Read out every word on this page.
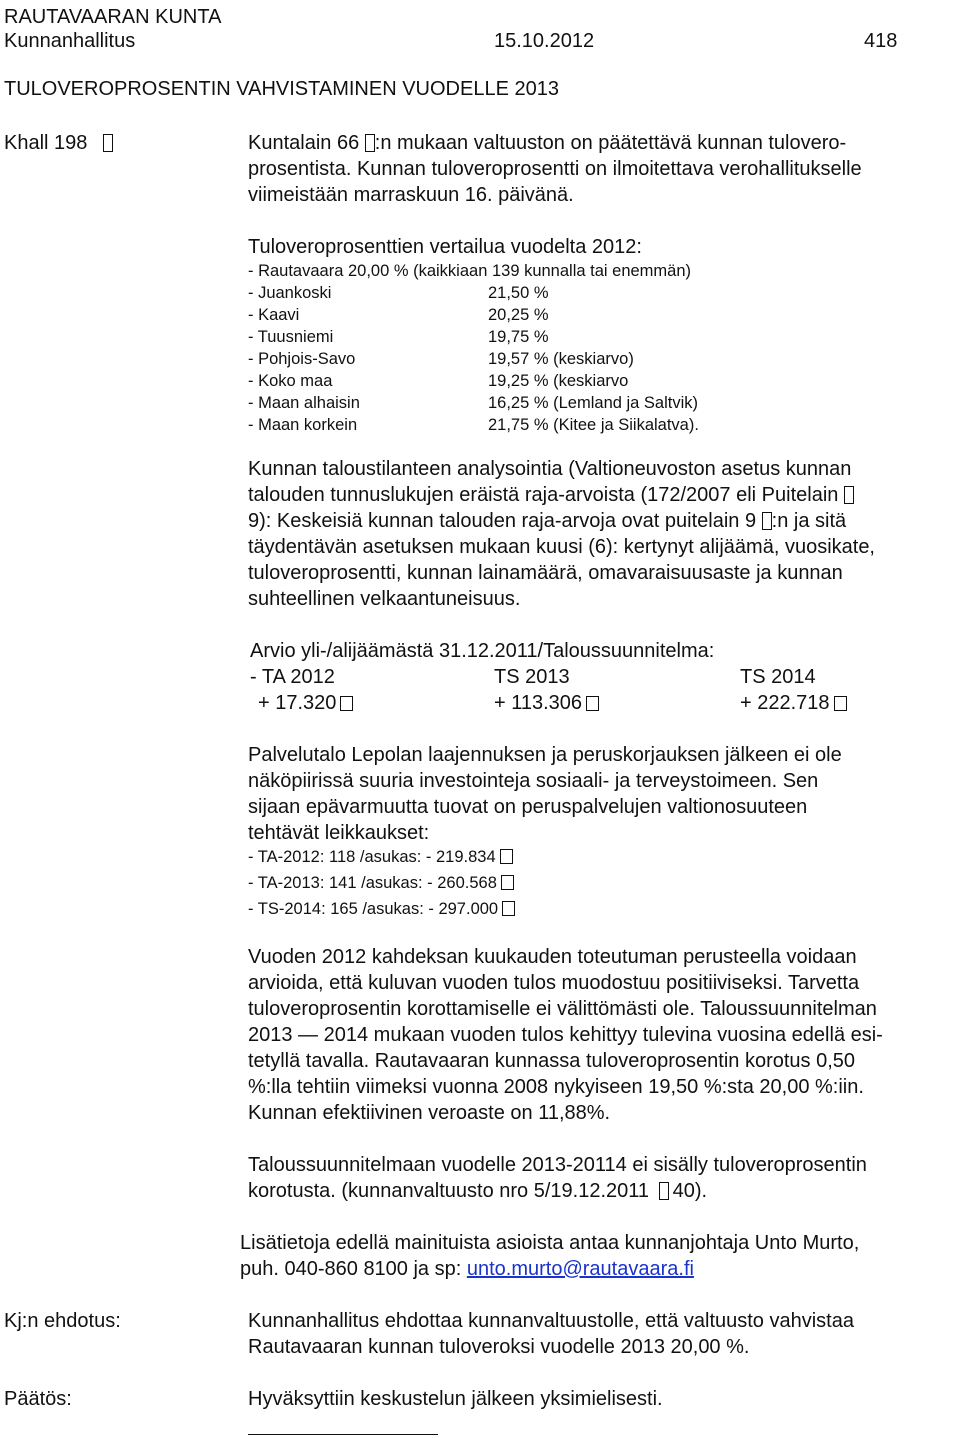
RAUTAVAARAN KUNTA
Kunnanhallitus	15.10.2012	418
TULOVEROPROSENTIN VAHVISTAMINEN VUODELLE 2013
Khall 198	Kuntalain 66 :n mukaan valtuuston on päätettävä kunnan tulovero-
prosentista. Kunnan tuloveroprosentti on ilmoitettava verohallitukselle
viimeistään marraskuun 16. päivänä.
Tuloveroprosenttien vertailua vuodelta 2012:
- Rautavaara 20,00 % (kaikkiaan 139 kunnalla tai enemmän)
- Juankoski	21,50 %
- Kaavi	20,25 %
- Tuusniemi	19,75 %
- Pohjois-Savo	19,57 % (keskiarvo)
- Koko maa	19,25 % (keskiarvo
- Maan alhaisin	16,25 % (Lemland ja Saltvik)
- Maan korkein	21,75 % (Kitee ja Siikalatva).
Kunnan taloustilanteen analysointia (Valtioneuvoston asetus kunnan
talouden tunnuslukujen eräistä raja-arvoista (172/2007 eli Puitelain
9): Keskeisiä kunnan talouden raja-arvoja ovat puitelain 9 :n ja sitä
täydentävän asetuksen mukaan kuusi (6): kertynyt alijäämä, vuosikate,
tuloveroprosentti, kunnan lainamäärä, omavaraisuusaste ja kunnan
suhteellinen velkaantuneisuus.
Arvio yli-/alijäämästä 31.12.2011/Taloussuunnitelma:
- TA 2012	TS 2013	TS 2014
+ 17.320	+ 113.306	+ 222.718
Palvelutalo Lepolan laajennuksen ja peruskorjauksen jälkeen ei ole
näköpiirissä suuria investointeja sosiaali- ja terveystoimeen. Sen
sijaan epävarmuutta tuovat on peruspalvelujen valtionosuuteen
tehtävät leikkaukset:
- TA-2012: 118 /asukas: - 219.834
- TA-2013: 141 /asukas: - 260.568
- TS-2014: 165 /asukas: - 297.000
Vuoden 2012 kahdeksan kuukauden toteutuman perusteella voidaan
arvioida, että kuluvan vuoden tulos muodostuu positiiviseksi. Tarvetta
tuloveroprosentin korottamiselle ei välittömästi ole. Taloussuunnitelman
2013 — 2014 mukaan vuoden tulos kehittyy tulevina vuosina edellä esi-
tetyllä tavalla. Rautavaaran kunnassa tuloveroprosentin korotus 0,50
%:lla tehtiin viimeksi vuonna 2008 nykyiseen 19,50 %:sta 20,00 %:iin.
Kunnan efektiivinen veroaste on 11,88%.
Taloussuunnitelmaan vuodelle 2013-20114 ei sisälly tuloveroprosentin
korotusta. (kunnanvaltuusto nro 5/19.12.2011 40).
Lisätietoja edellä mainituista asioista antaa kunnanjohtaja Unto Murto,
puh. 040-860 8100 ja sp: unto.murto@rautavaara.fi
Kj:n ehdotus:	Kunnanhallitus ehdottaa kunnanvaltuustolle, että valtuusto vahvistaa
Rautavaaran kunnan tuloveroksi vuodelle 2013 20,00 %.
Päätös:	Hyväksyttiin keskustelun jälkeen yksimielisesti.
